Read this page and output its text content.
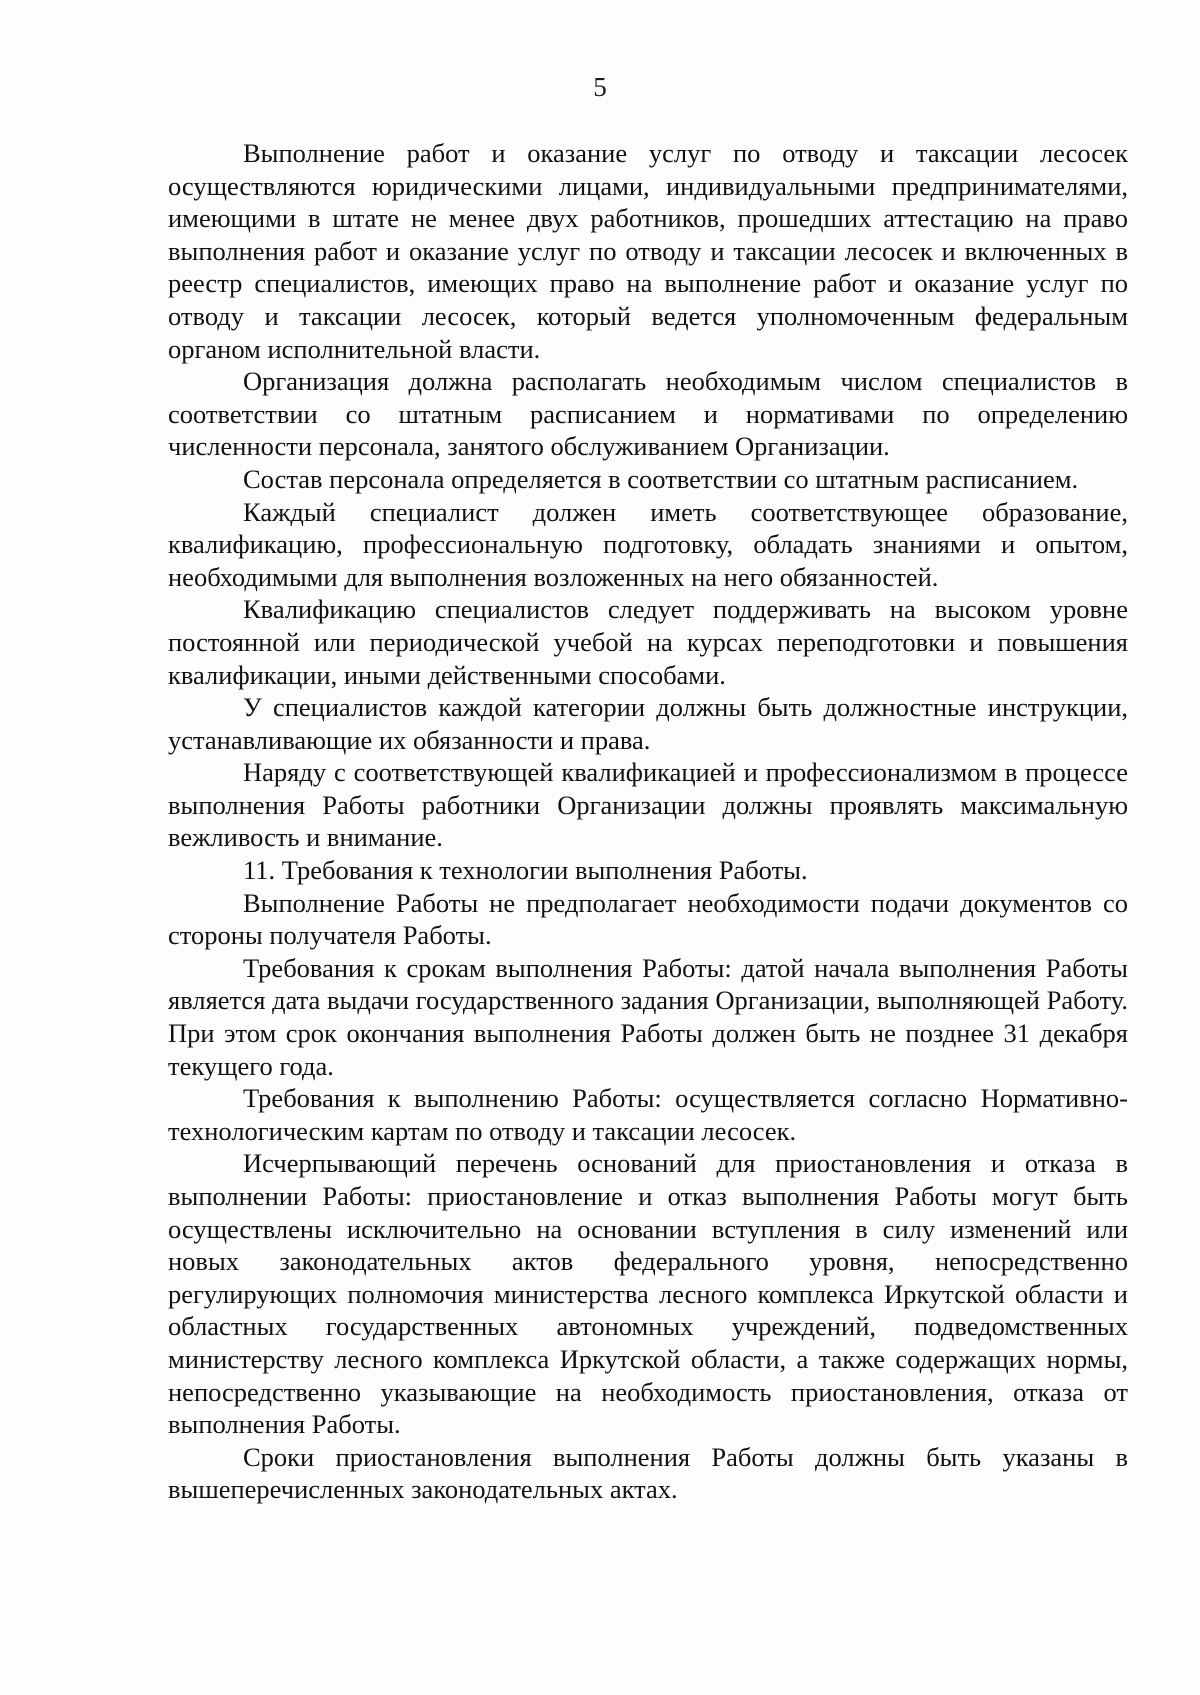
5

Выполнение работ и оказание услуг по отводу и таксации лесосек осуществляются юридическими лицами, индивидуальными предпринимателями, имеющими в штате не менее двух работников, прошедших аттестацию на право выполнения работ и оказание услуг по отводу и таксации лесосек и включенных в реестр специалистов, имеющих право на выполнение работ и оказание услуг по отводу и таксации лесосек, который ведется уполномоченным федеральным органом исполнительной власти.

Организация должна располагать необходимым числом специалистов в соответствии со штатным расписанием и нормативами по определению численности персонала, занятого обслуживанием Организации.

Состав персонала определяется в соответствии со штатным расписанием.

Каждый специалист должен иметь соответствующее образование, квалификацию, профессиональную подготовку, обладать знаниями и опытом, необходимыми для выполнения возложенных на него обязанностей.

Квалификацию специалистов следует поддерживать на высоком уровне постоянной или периодической учебой на курсах переподготовки и повышения квалификации, иными действенными способами.

У специалистов каждой категории должны быть должностные инструкции, устанавливающие их обязанности и права.

Наряду с соответствующей квалификацией и профессионализмом в процессе выполнения Работы работники Организации должны проявлять максимальную вежливость и внимание.

11. Требования к технологии выполнения Работы.

Выполнение Работы не предполагает необходимости подачи документов со стороны получателя Работы.

Требования к срокам выполнения Работы: датой начала выполнения Работы является дата выдачи государственного задания Организации, выполняющей Работу. При этом срок окончания выполнения Работы должен быть не позднее 31 декабря текущего года.

Требования к выполнению Работы: осуществляется согласно Нормативно-технологическим картам по отводу и таксации лесосек.

Исчерпывающий перечень оснований для приостановления и отказа в выполнении Работы: приостановление и отказ выполнения Работы могут быть осуществлены исключительно на основании вступления в силу изменений или новых законодательных актов федерального уровня, непосредственно регулирующих полномочия министерства лесного комплекса Иркутской области и областных государственных автономных учреждений, подведомственных министерству лесного комплекса Иркутской области, а также содержащих нормы, непосредственно указывающие на необходимость приостановления, отказа от выполнения Работы.

Сроки приостановления выполнения Работы должны быть указаны в вышеперечисленных законодательных актах.
